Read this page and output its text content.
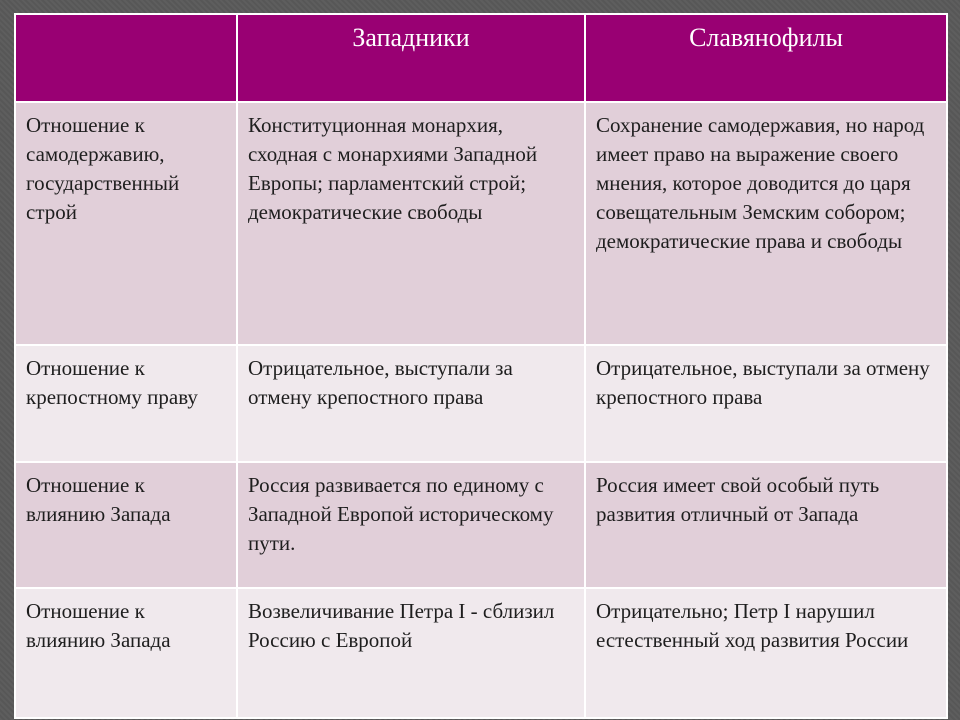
	Западники	Славянофилы
Отношение к самодержавию, государственный строй	Конституционная монархия, сходная с монархиями Западной Европы; парламентский строй; демократические свободы	Сохранение самодержавия, но народ имеет право на выражение своего мнения, которое доводится до царя совещательным Земским собором; демократические права и свободы
Отношение к крепостному праву	Отрицательное, выступали за отмену крепостного права	Отрицательное, выступали за отмену крепостного права
Отношение к влиянию Запада	Россия развивается по единому с Западной Европой историческому пути.	Россия имеет свой особый путь развития отличный от Запада
Отношение к влиянию Запада	Возвеличивание Петра I - сблизил Россию с Европой	Отрицательно; Петр I нарушил естественный ход развития России
